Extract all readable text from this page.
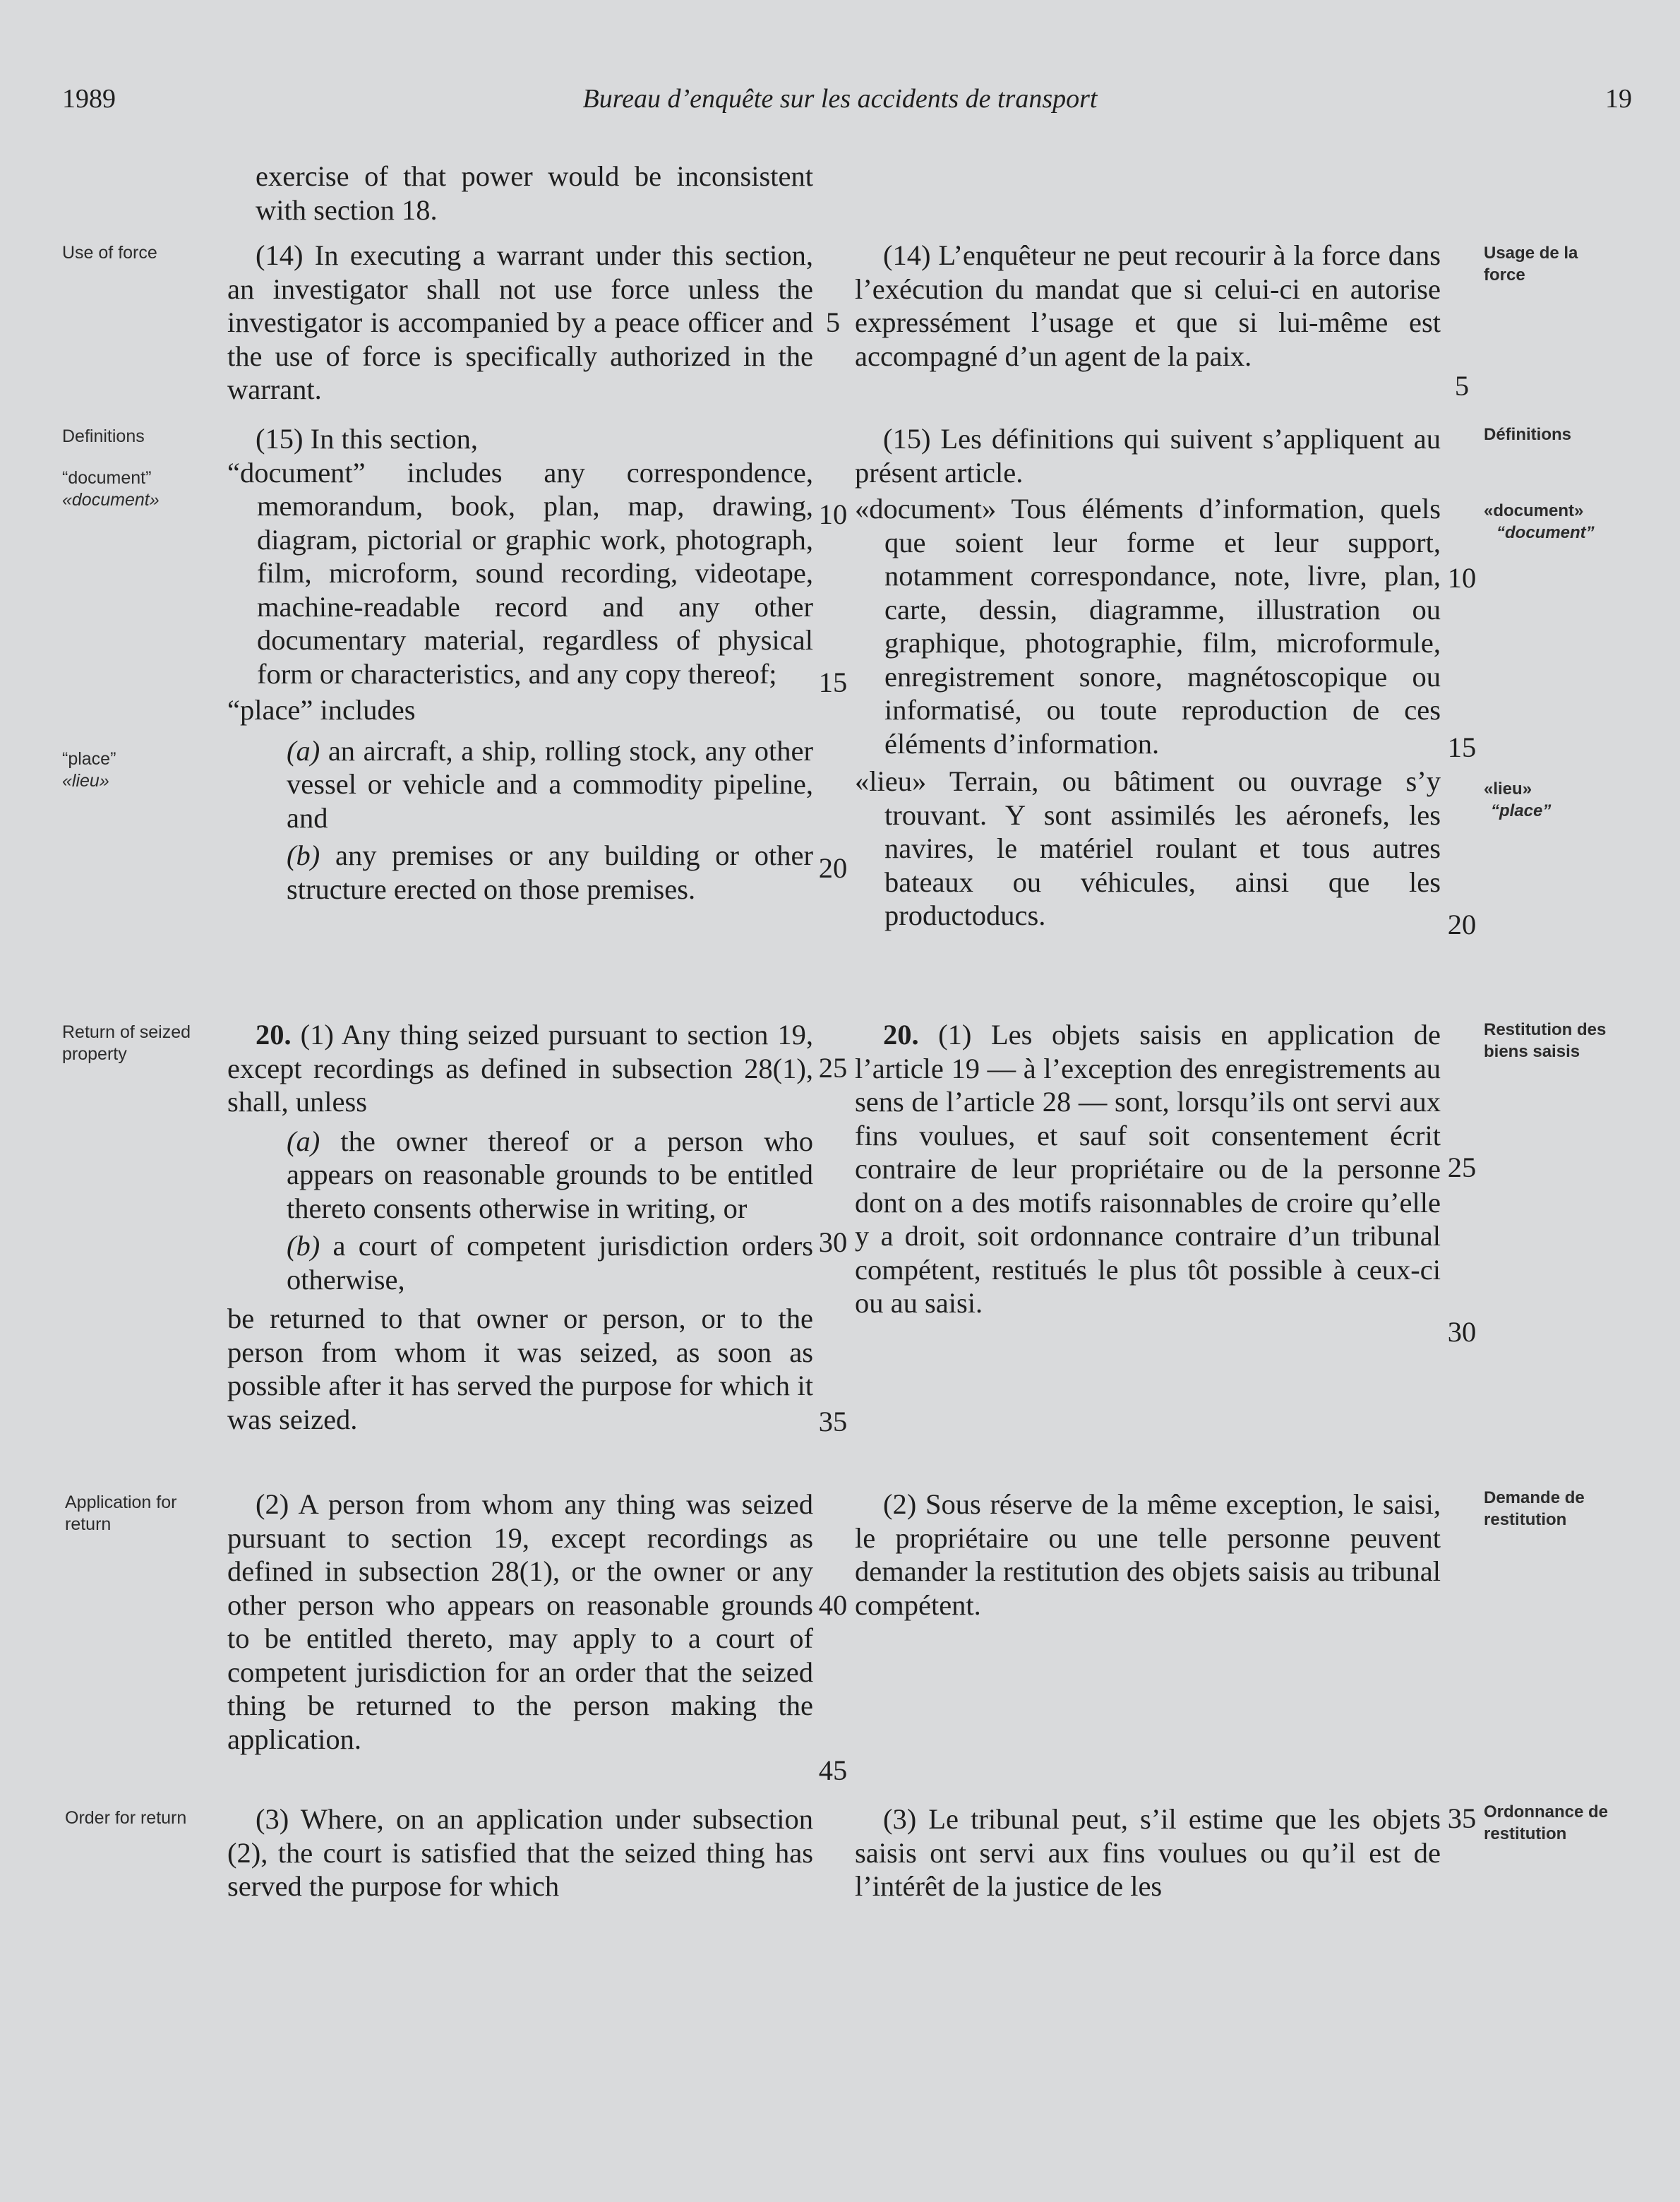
1989	Bureau d’enquête sur les accidents de transport	19
Use of force
Definitions
“document”
«document»
“place”
«lieu»
Return of seized property
Application for return
Order for return
Usage de la force
Définitions
«document»
“document”
«lieu»
“place”
Restitution des biens saisis
Demande de restitution
Ordonnance de restitution

exercise of that power would be inconsistent with section 18.

(14) In executing a warrant under this section, an investigator shall not use force unless the investigator is accompanied by a peace officer and the use of force is specifically authorized in the warrant.

(15) In this section,

“document” includes any correspondence, memorandum, book, plan, map, drawing, diagram, pictorial or graphic work, photograph, film, microform, sound recording, videotape, machine-readable record and any other documentary material, regardless of physical form or characteristics, and any copy thereof;

“place” includes

(a) an aircraft, a ship, rolling stock, any other vessel or vehicle and a commodity pipeline, and

(b) any premises or any building or other structure erected on those premises.

20. (1) Any thing seized pursuant to section 19, except recordings as defined in subsection 28(1), shall, unless

(a) the owner thereof or a person who appears on reasonable grounds to be entitled thereto consents otherwise in writing, or

(b) a court of competent jurisdiction orders otherwise,

be returned to that owner or person, or to the person from whom it was seized, as soon as possible after it has served the purpose for which it was seized.

(2) A person from whom any thing was seized pursuant to section 19, except recordings as defined in subsection 28(1), or the owner or any other person who appears on reasonable grounds to be entitled thereto, may apply to a court of competent jurisdiction for an order that the seized thing be returned to the person making the application.

(3) Where, on an application under subsection (2), the court is satisfied that the seized thing has served the purpose for which

(14) L’enquêteur ne peut recourir à la force dans l’exécution du mandat que si celui-ci en autorise expressément l’usage et que si lui-même est accompagné d’un agent de la paix.

(15) Les définitions qui suivent s’appliquent au présent article.

«document» Tous éléments d’information, quels que soient leur forme et leur support, notamment correspondance, note, livre, plan, carte, dessin, diagramme, illustration ou graphique, photographie, film, microformule, enregistrement sonore, magnétoscopique ou informatisé, ou toute reproduction de ces éléments d’information.

«lieu» Terrain, ou bâtiment ou ouvrage s’y trouvant. Y sont assimilés les aéronefs, les navires, le matériel roulant et tous autres bateaux ou véhicules, ainsi que les productoducs.

20. (1) Les objets saisis en application de l’article 19 — à l’exception des enregistrements au sens de l’article 28 — sont, lorsqu’ils ont servi aux fins voulues, et sauf soit consentement écrit contraire de leur propriétaire ou de la personne dont on a des motifs raisonnables de croire qu’elle y a droit, soit ordonnance contraire d’un tribunal compétent, restitués le plus tôt possible à ceux-ci ou au saisi.

(2) Sous réserve de la même exception, le saisi, le propriétaire ou une telle personne peuvent demander la restitution des objets saisis au tribunal compétent.

(3) Le tribunal peut, s’il estime que les objets saisis ont servi aux fins voulues ou qu’il est de l’intérêt de la justice de les

5
10
15
20
25
30
35
40
45
5
10
15
20
25
30
35
